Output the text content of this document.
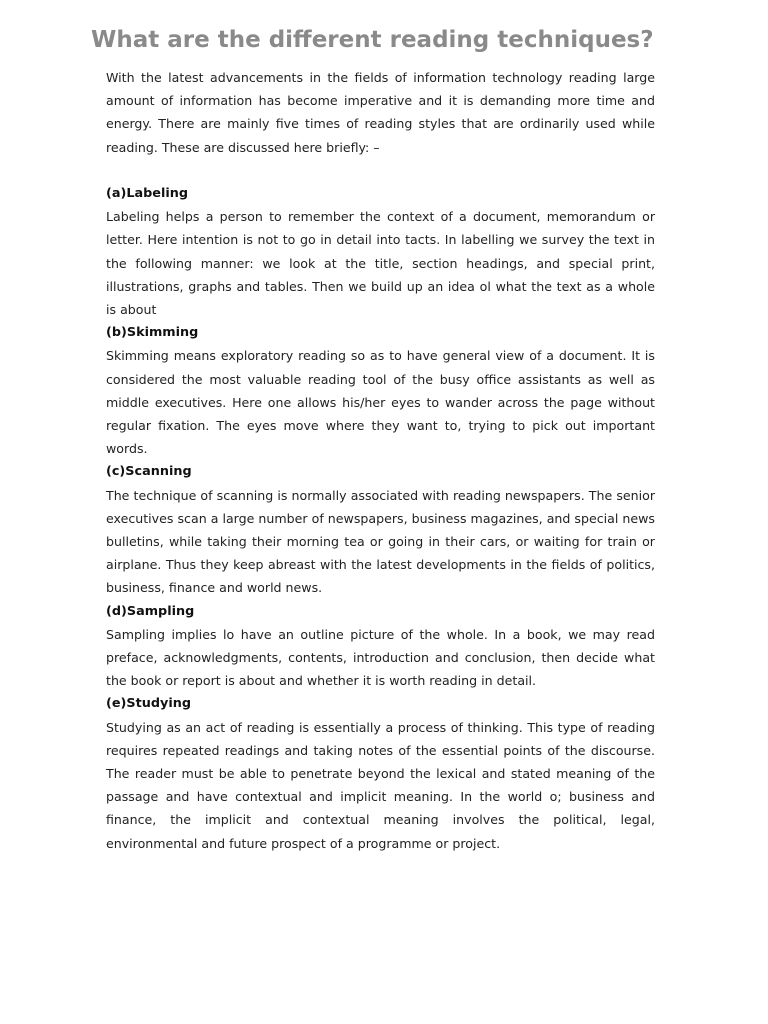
What are the different reading techniques?

With the latest advancements in the fields of information technology reading large amount of information has become imperative and it is demanding more time and energy. There are mainly five times of reading styles that are ordinarily used while reading. These are discussed here briefly: –

(a)Labeling

Labeling helps a person to remember the context of a document, memorandum or letter. Here intention is not to go in detail into tacts. In labelling we survey the text in the following manner: we look at the title, section headings, and special print, illustrations, graphs and tables. Then we build up an idea ol what the text as a whole is about

(b)Skimming

Skimming means exploratory reading so as to have general view of a document. It is considered the most valuable reading tool of the busy office assistants as well as middle executives. Here one allows his/her eyes to wander across the page without regular fixation. The eyes move where they want to, trying to pick out important words.

(c)Scanning

The technique of scanning is normally associated with reading newspapers. The senior executives scan a large number of newspapers, business magazines, and special news bulletins, while taking their morning tea or going in their cars, or waiting for train or airplane. Thus they keep abreast with the latest developments in the fields of politics, business, finance and world news.

(d)Sampling

Sampling implies lo have an outline picture of the whole. In a book, we may read preface, acknowledgments, contents, introduction and conclusion, then decide what the book or report is about and whether it is worth reading in detail.

(e)Studying

Studying as an act of reading is essentially a process of thinking. This type of reading requires repeated readings and taking notes of the essential points of the discourse. The reader must be able to penetrate beyond the lexical and stated meaning of the passage and have contextual and implicit meaning. In the world o; business and finance, the implicit and contextual meaning involves the political, legal, environmental and future prospect of a programme or project.
